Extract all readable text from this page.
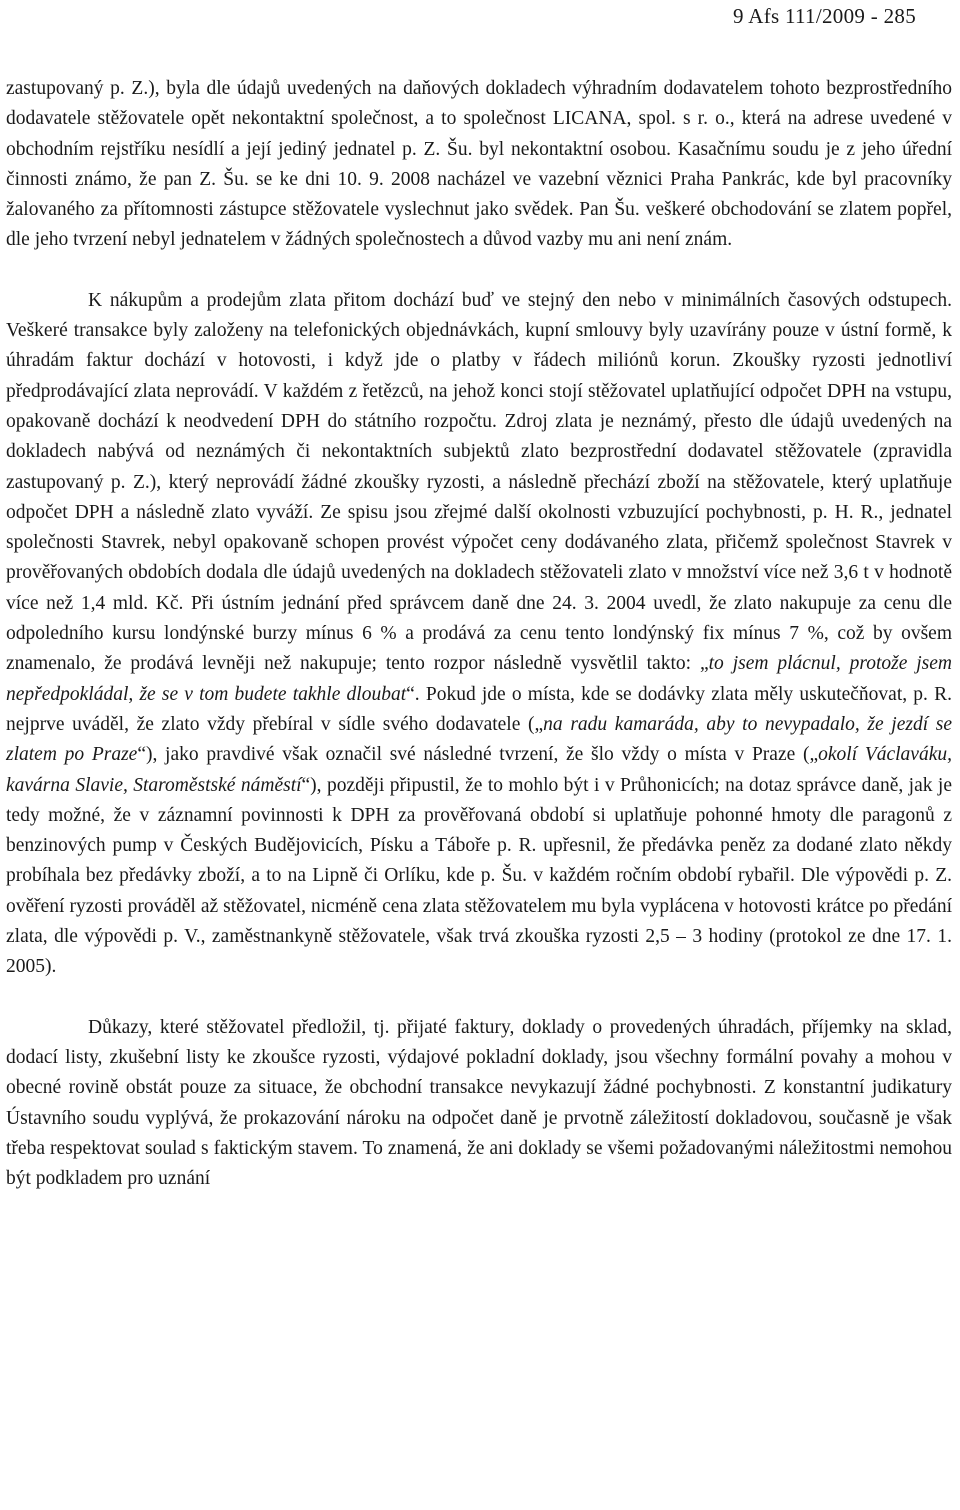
9 Afs 111/2009 - 285

zastupovaný p. Z.), byla dle údajů uvedených na daňových dokladech výhradním dodavatelem tohoto bezprostředního dodavatele stěžovatele opět nekontaktní společnost, a to společnost LICANA, spol. s r. o., která na adrese uvedené v obchodním rejstříku nesídlí a její jediný jednatel p. Z. Šu. byl nekontaktní osobou. Kasačnímu soudu je z jeho úřední činnosti známo, že pan Z. Šu. se ke dni 10. 9. 2008 nacházel ve vazební věznici Praha Pankrác, kde byl pracovníky žalovaného za přítomnosti zástupce stěžovatele vyslechnut jako svědek. Pan Šu. veškeré obchodování se zlatem popřel, dle jeho tvrzení nebyl jednatelem v žádných společnostech a důvod vazby mu ani není znám.

K nákupům a prodejům zlata přitom dochází buď ve stejný den nebo v minimálních časových odstupech. Veškeré transakce byly založeny na telefonických objednávkách, kupní smlouvy byly uzavírány pouze v ústní formě, k úhradám faktur dochází v hotovosti, i když jde o platby v řádech miliónů korun. Zkoušky ryzosti jednotliví předprodávající zlata neprovádí. V každém z řetězců, na jehož konci stojí stěžovatel uplatňující odpočet DPH na vstupu, opakovaně dochází k neodvedení DPH do státního rozpočtu. Zdroj zlata je neznámý, přesto dle údajů uvedených na dokladech nabývá od neznámých či nekontaktních subjektů zlato bezprostřední dodavatel stěžovatele (zpravidla zastupovaný p. Z.), který neprovádí žádné zkoušky ryzosti, a následně přechází zboží na stěžovatele, který uplatňuje odpočet DPH a následně zlato vyváží. Ze spisu jsou zřejmé další okolnosti vzbuzující pochybnosti, p. H. R., jednatel společnosti Stavrek, nebyl opakovaně schopen provést výpočet ceny dodávaného zlata, přičemž společnost Stavrek v prověřovaných obdobích dodala dle údajů uvedených na dokladech stěžovateli zlato v množství více než 3,6 t v hodnotě více než 1,4 mld. Kč. Při ústním jednání před správcem daně dne 24. 3. 2004 uvedl, že zlato nakupuje za cenu dle odpoledního kursu londýnské burzy mínus 6 % a prodává za cenu tento londýnský fix mínus 7 %, což by ovšem znamenalo, že prodává levněji než nakupuje; tento rozpor následně vysvětlil takto: „to jsem plácnul, protože jsem nepředpokládal, že se v tom budete takhle dloubat“. Pokud jde o místa, kde se dodávky zlata měly uskutečňovat, p. R. nejprve uváděl, že zlato vždy přebíral v sídle svého dodavatele („na radu kamaráda, aby to nevypadalo, že jezdí se zlatem po Praze“), jako pravdivé však označil své následné tvrzení, že šlo vždy o místa v Praze („okolí Václaváku, kavárna Slavie, Staroměstské náměstí“), později připustil, že to mohlo být i v Průhonicích; na dotaz správce daně, jak je tedy možné, že v záznamní povinnosti k DPH za prověřovaná období si uplatňuje pohonné hmoty dle paragonů z benzinových pump v Českých Budějovicích, Písku a Táboře p. R. upřesnil, že předávka peněz za dodané zlato někdy probíhala bez předávky zboží, a to na Lipně či Orlíku, kde p. Šu. v každém ročním období rybařil. Dle výpovědi p. Z. ověření ryzosti prováděl až stěžovatel, nicméně cena zlata stěžovatelem mu byla vyplácena v hotovosti krátce po předání zlata, dle výpovědi p. V., zaměstnankyně stěžovatele, však trvá zkouška ryzosti 2,5 – 3 hodiny (protokol ze dne 17. 1. 2005).

Důkazy, které stěžovatel předložil, tj. přijaté faktury, doklady o provedených úhradách, příjemky na sklad, dodací listy, zkušební listy ke zkoušce ryzosti, výdajové pokladní doklady, jsou všechny formální povahy a mohou v obecné rovině obstát pouze za situace, že obchodní transakce nevykazují žádné pochybnosti. Z konstantní judikatury Ústavního soudu vyplývá, že prokazování nároku na odpočet daně je prvotně záležitostí dokladovou, současně je však třeba respektovat soulad s faktickým stavem. To znamená, že ani doklady se všemi požadovanými náležitostmi nemohou být podkladem pro uznání
